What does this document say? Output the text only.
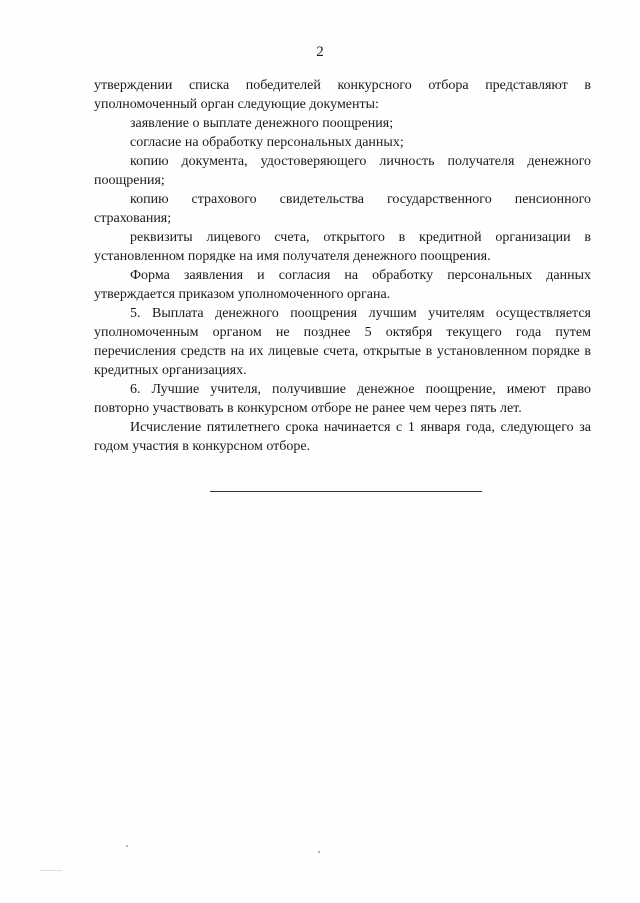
2

утверждении списка победителей конкурсного отбора представляют в уполномоченный орган следующие документы:

заявление о выплате денежного поощрения;

согласие на обработку персональных данных;

копию документа, удостоверяющего личность получателя денежного поощрения;

копию страхового свидетельства государственного пенсионного страхования;

реквизиты лицевого счета, открытого в кредитной организации в установленном порядке на имя получателя денежного поощрения.

Форма заявления и согласия на обработку персональных данных утверждается приказом уполномоченного органа.

5. Выплата денежного поощрения лучшим учителям осуществляется уполномоченным органом не позднее 5 октября текущего года путем перечисления средств на их лицевые счета, открытые в установленном порядке в кредитных организациях.

6. Лучшие учителя, получившие денежное поощрение, имеют право повторно участвовать в конкурсном отборе не ранее чем через пять лет.

Исчисление пятилетнего срока начинается с 1 января года, следующего за годом участия в конкурсном отборе.
